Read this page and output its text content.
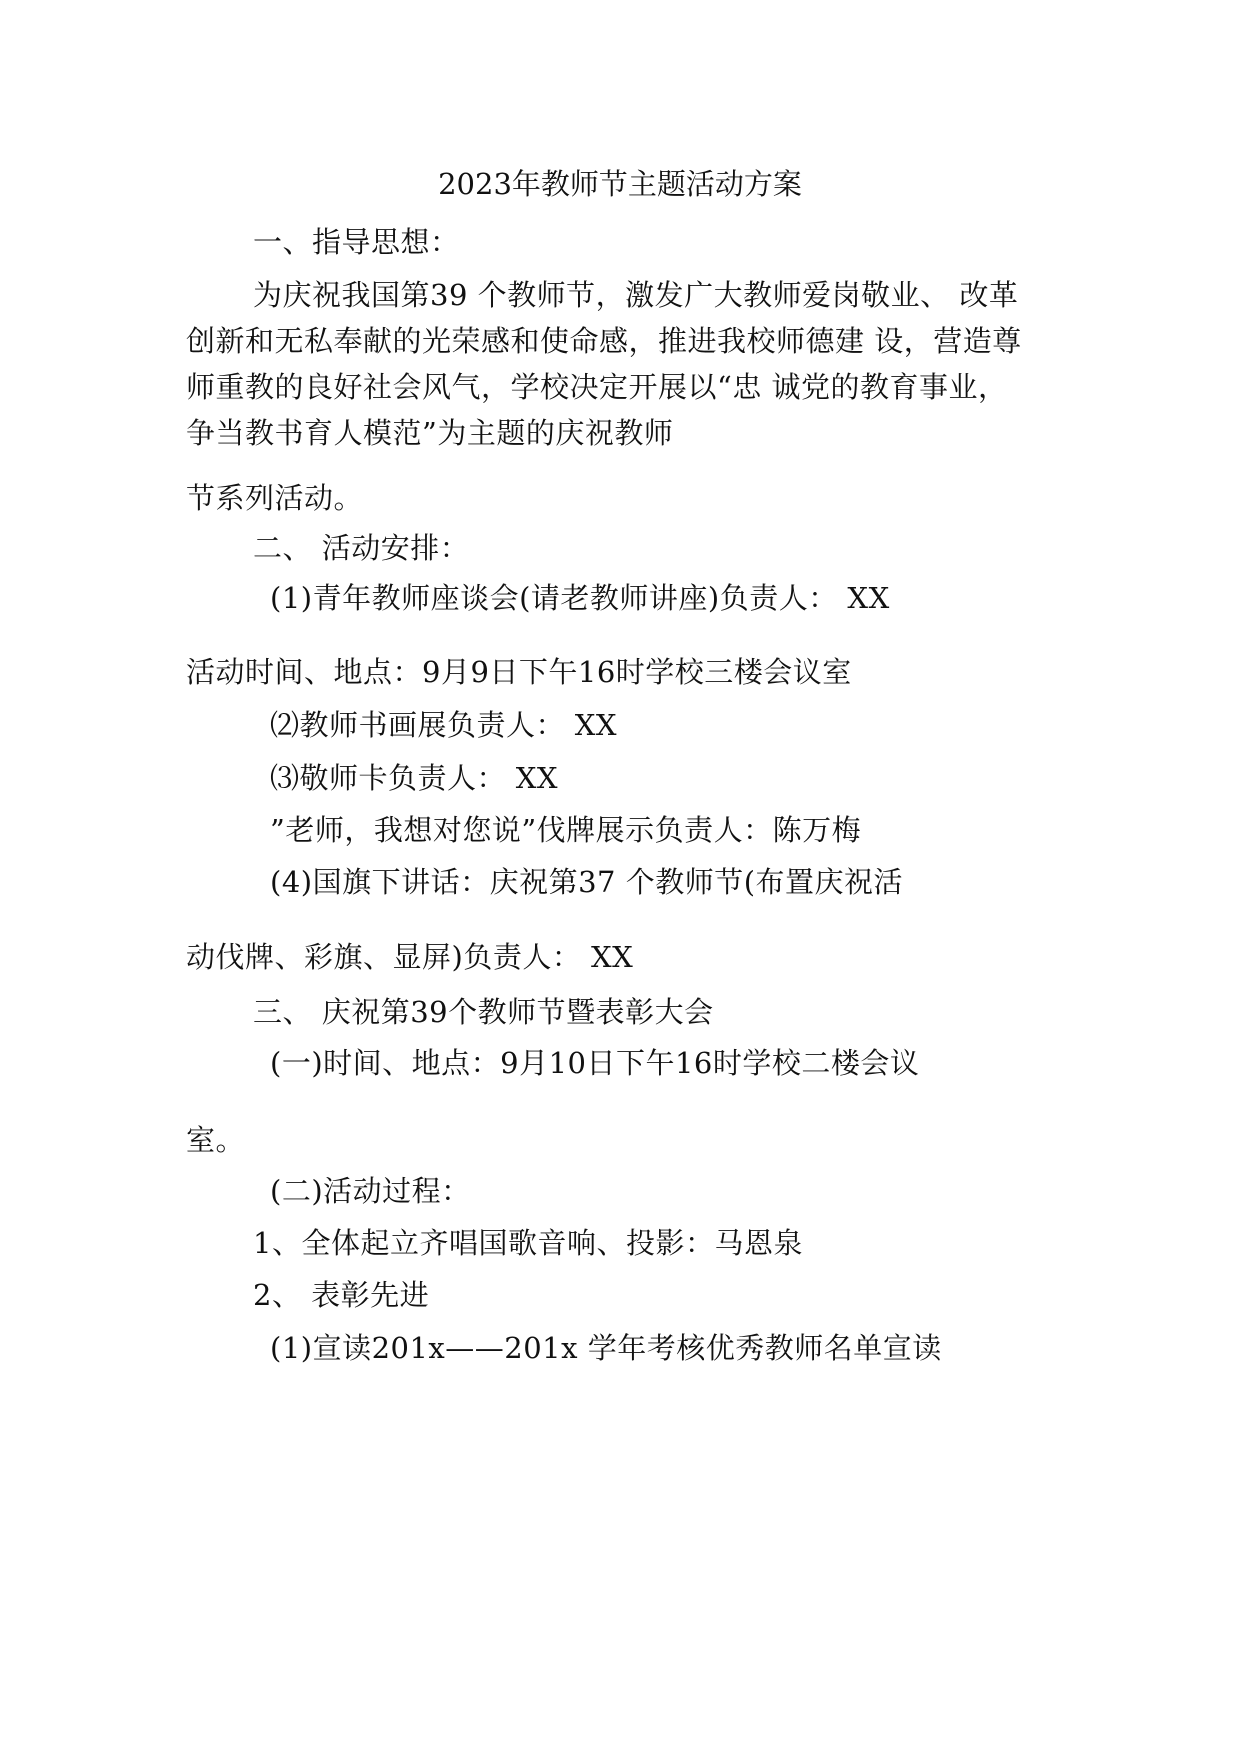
2023年教师节主题活动方案
一、指导思想：
为庆祝我国第39 个教师节，激发广大教师爱岗敬业、 改革
创新和无私奉献的光荣感和使命感，推进我校师德建 设，营造尊
师重教的良好社会风气，学校决定开展以“忠 诚党的教育事业，
争当教书育人模范”为主题的庆祝教师
节系列活动。
二、 活动安排：
(1)青年教师座谈会(请老教师讲座)负责人： XX
活动时间、地点：9月9日下午16时学校三楼会议室
⑵教师书画展负责人： XX
⑶敬师卡负责人： XX
”老师，我想对您说”伐牌展示负责人：陈万梅
(4)国旗下讲话：庆祝第37 个教师节(布置庆祝活
动伐牌、彩旗、显屏)负责人： XX
三、 庆祝第39个教师节暨表彰大会
(一)时间、地点：9月10日下午16时学校二楼会议
室。
(二)活动过程：
1、全体起立齐唱国歌音响、投影：马恩泉
2、 表彰先进
(1)宣读201x——201x 学年考核优秀教师名单宣读
